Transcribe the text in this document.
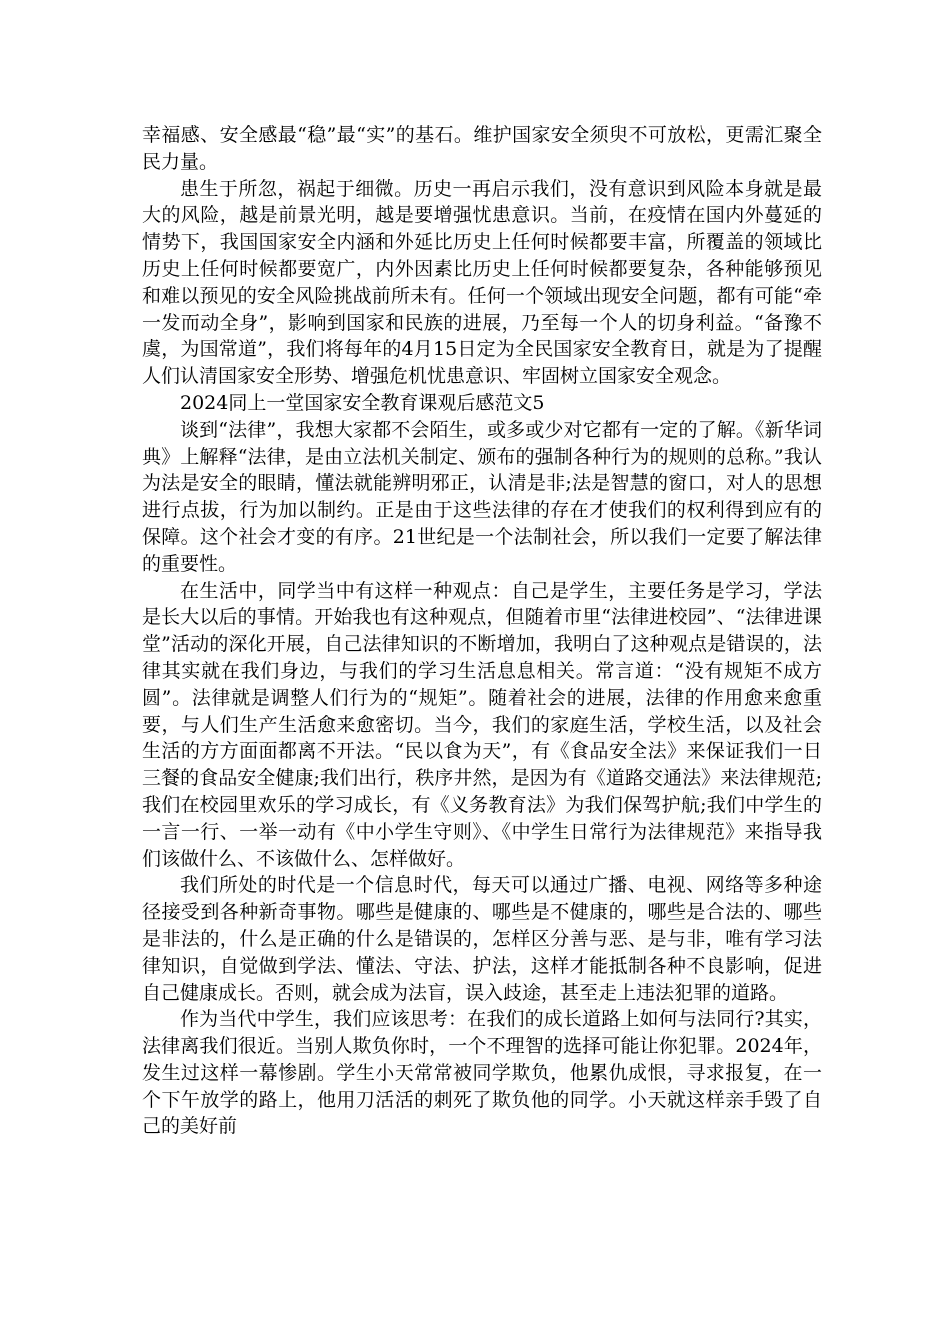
幸福感、安全感最“稳”最“实”的基石。维护国家安全须臾不可放松，更需汇聚全民力量。

患生于所忽，祸起于细微。历史一再启示我们，没有意识到风险本身就是最大的风险，越是前景光明，越是要增强忧患意识。当前，在疫情在国内外蔓延的情势下，我国国家安全内涵和外延比历史上任何时候都要丰富，所覆盖的领域比历史上任何时候都要宽广，内外因素比历史上任何时候都要复杂，各种能够预见和难以预见的安全风险挑战前所未有。任何一个领域出现安全问题，都有可能“牵一发而动全身”，影响到国家和民族的进展，乃至每一个人的切身利益。“备豫不虞，为国常道”，我们将每年的4月15日定为全民国家安全教育日，就是为了提醒人们认清国家安全形势、增强危机忧患意识、牢固树立国家安全观念。

2024同上一堂国家安全教育课观后感范文5

谈到“法律”，我想大家都不会陌生，或多或少对它都有一定的了解。《新华词典》上解释“法律，是由立法机关制定、颁布的强制各种行为的规则的总称。”我认为法是安全的眼睛，懂法就能辨明邪正，认清是非;法是智慧的窗口，对人的思想进行点拔，行为加以制约。正是由于这些法律的存在才使我们的权利得到应有的保障。这个社会才变的有序。21世纪是一个法制社会，所以我们一定要了解法律的重要性。

在生活中，同学当中有这样一种观点：自己是学生，主要任务是学习，学法是长大以后的事情。开始我也有这种观点，但随着市里“法律进校园”、“法律进课堂”活动的深化开展，自己法律知识的不断增加，我明白了这种观点是错误的，法律其实就在我们身边，与我们的学习生活息息相关。常言道：“没有规矩不成方圆”。法律就是调整人们行为的“规矩”。随着社会的进展，法律的作用愈来愈重要，与人们生产生活愈来愈密切。当今，我们的家庭生活，学校生活，以及社会生活的方方面面都离不开法。“民以食为天”，有《食品安全法》来保证我们一日三餐的食品安全健康;我们出行，秩序井然，是因为有《道路交通法》来法律规范;我们在校园里欢乐的学习成长，有《义务教育法》为我们保驾护航;我们中学生的一言一行、一举一动有《中小学生守则》、《中学生日常行为法律规范》来指导我们该做什么、不该做什么、怎样做好。

我们所处的时代是一个信息时代，每天可以通过广播、电视、网络等多种途径接受到各种新奇事物。哪些是健康的、哪些是不健康的，哪些是合法的、哪些是非法的，什么是正确的什么是错误的，怎样区分善与恶、是与非，唯有学习法律知识，自觉做到学法、懂法、守法、护法，这样才能抵制各种不良影响，促进自己健康成长。否则，就会成为法盲，误入歧途，甚至走上违法犯罪的道路。

作为当代中学生，我们应该思考：在我们的成长道路上如何与法同行?其实，法律离我们很近。当别人欺负你时，一个不理智的选择可能让你犯罪。2024年，发生过这样一幕惨剧。学生小天常常被同学欺负，他累仇成恨，寻求报复，在一个下午放学的路上，他用刀活活的刺死了欺负他的同学。小天就这样亲手毁了自己的美好前
